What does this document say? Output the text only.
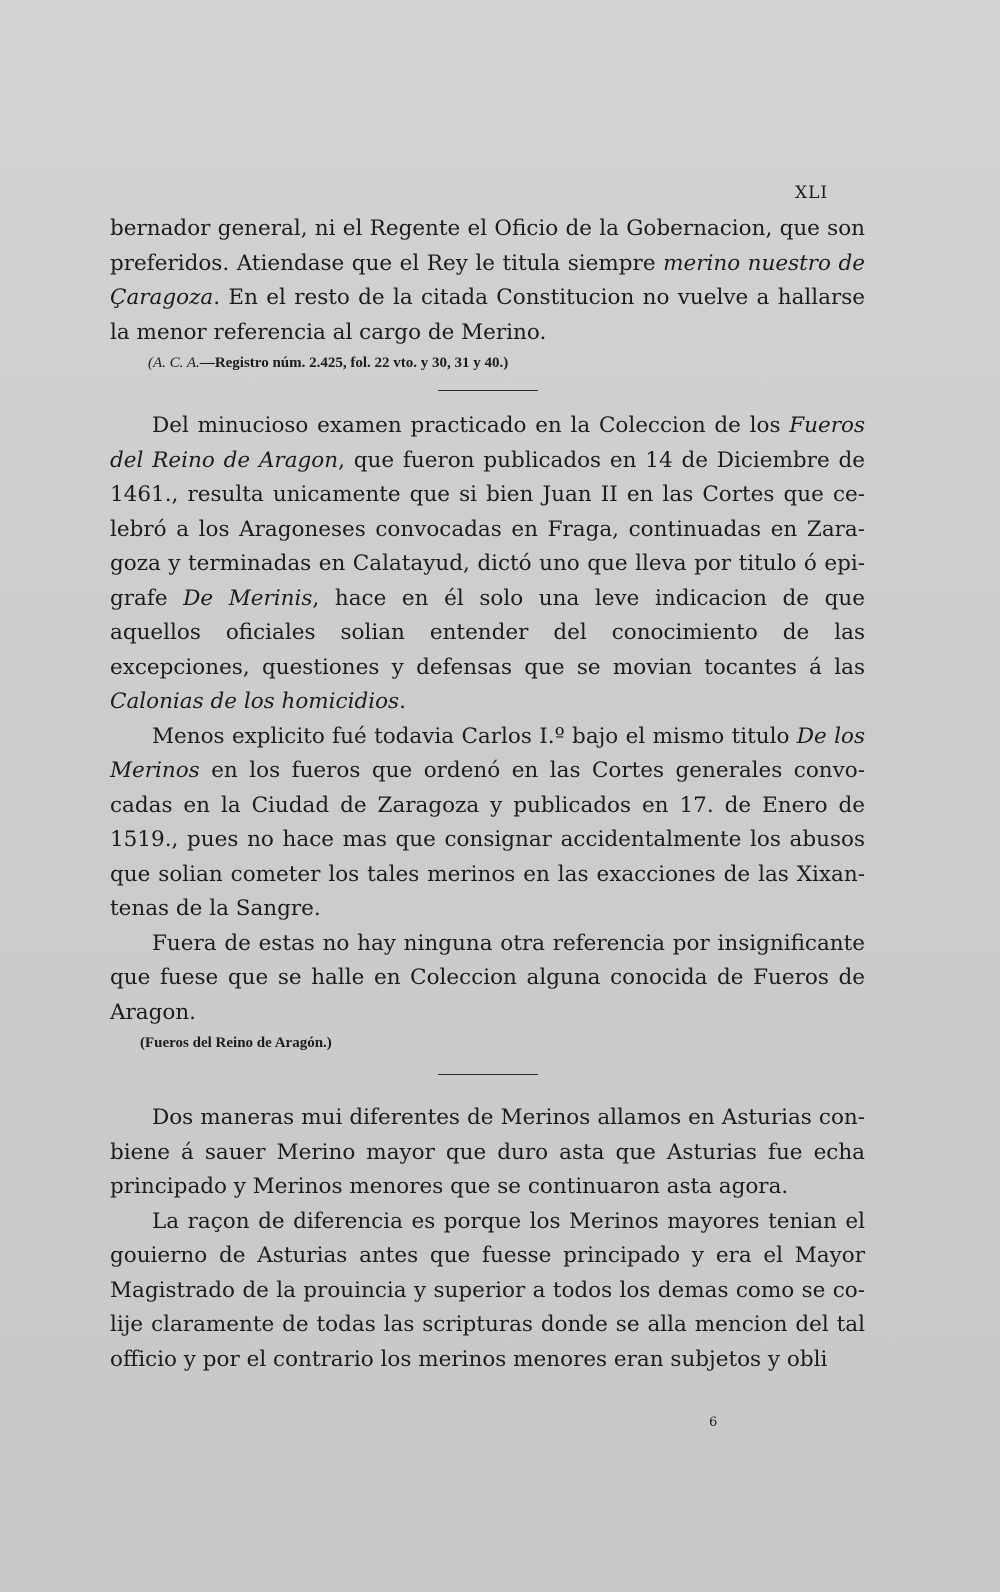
XLI

bernador general, ni el Regente el Oficio de la Gobernacion, que son preferidos. Atiendase que el Rey le titula siempre merino nuestro de Çaragoza. En el resto de la citada Constitucion no vuelve a hallarse la menor referencia al cargo de Merino.

(A. C. A.—Registro núm. 2.425, fol. 22 vto. y 30, 31 y 40.)

Del minucioso examen practicado en la Coleccion de los Fueros del Reino de Aragon, que fueron publicados en 14 de Diciembre de 1461., resulta unicamente que si bien Juan II en las Cortes que celebró a los Aragoneses convocadas en Fraga, continuadas en Zaragoza y terminadas en Calatayud, dictó uno que lleva por titulo ó epigrafe De Merinis, hace en él solo una leve indicacion de que aquellos oficiales solian entender del conocimiento de las excepciones, questiones y defensas que se movian tocantes á las Calonias de los homicidios.

Menos explicito fué todavia Carlos I.º bajo el mismo titulo De los Merinos en los fueros que ordenó en las Cortes generales convocadas en la Ciudad de Zaragoza y publicados en 17. de Enero de 1519., pues no hace mas que consignar accidentalmente los abusos que solian cometer los tales merinos en las exacciones de las Xixantenas de la Sangre.

Fuera de estas no hay ninguna otra referencia por insignificante que fuese que se halle en Coleccion alguna conocida de Fueros de Aragon.

(Fueros del Reino de Aragón.)

Dos maneras mui diferentes de Merinos allamos en Asturias conbiene á sauer Merino mayor que duro asta que Asturias fue echa principado y Merinos menores que se continuaron asta agora.

La raçon de diferencia es porque los Merinos mayores tenian el gouierno de Asturias antes que fuesse principado y era el Mayor Magistrado de la prouincia y superior a todos los demas como se colije claramente de todas las scripturas donde se alla mencion del tal officio y por el contrario los merinos menores eran subjetos y obli

6
